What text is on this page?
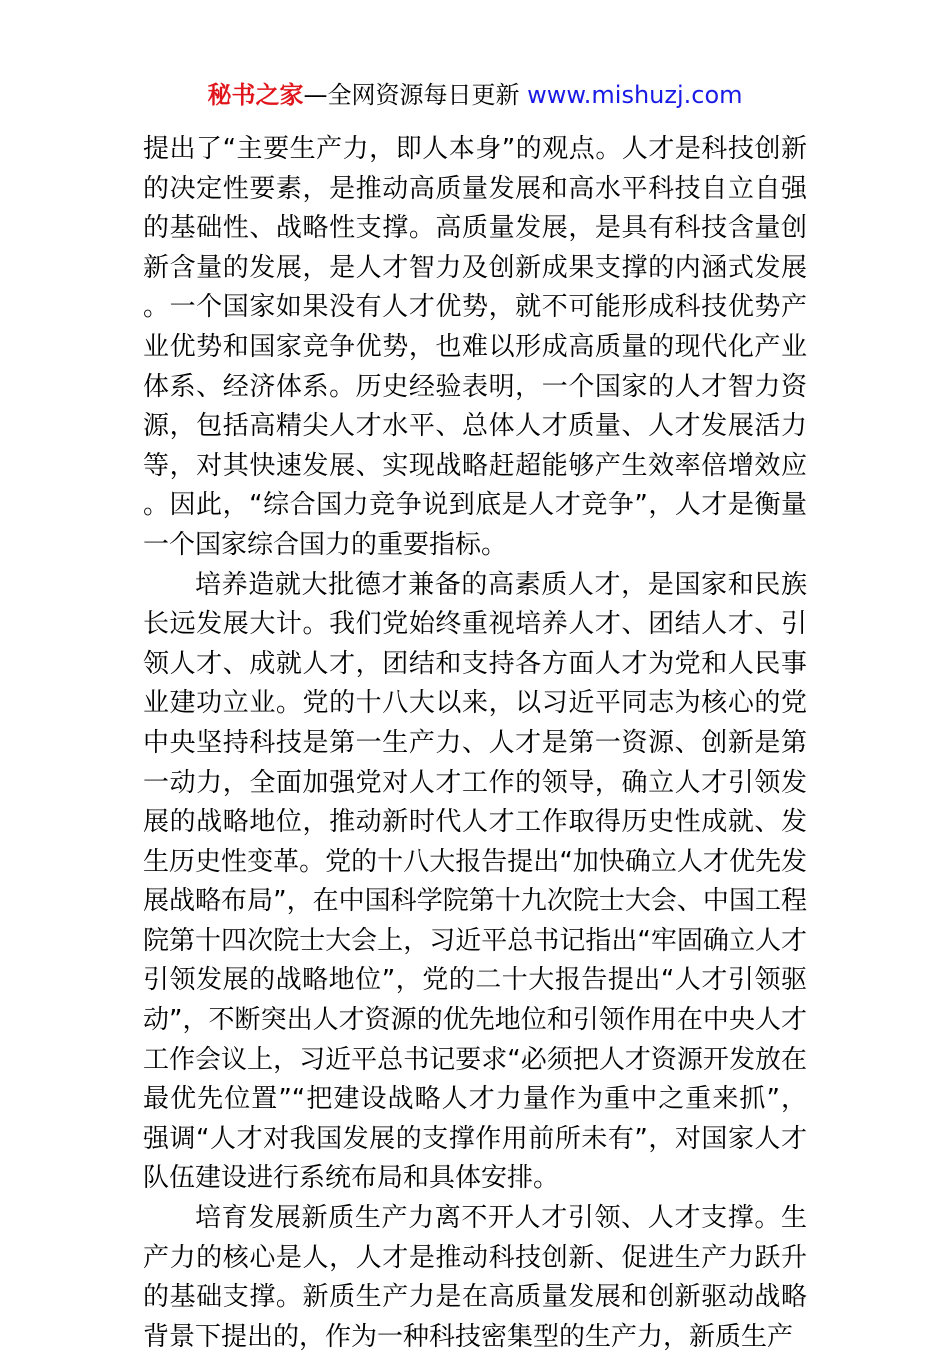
秘书之家—全网资源每日更新 www.mishuzj.com

提出了“主要生产力，即人本身”的观点。人才是科技创新的决定性要素，是推动高质量发展和高水平科技自立自强的基础性、战略性支撑。高质量发展，是具有科技含量创新含量的发展，是人才智力及创新成果支撑的内涵式发展。一个国家如果没有人才优势，就不可能形成科技优势产业优势和国家竞争优势，也难以形成高质量的现代化产业体系、经济体系。历史经验表明，一个国家的人才智力资源，包括高精尖人才水平、总体人才质量、人才发展活力等，对其快速发展、实现战略赶超能够产生效率倍增效应。因此，“综合国力竞争说到底是人才竞争”，人才是衡量一个国家综合国力的重要指标。

培养造就大批德才兼备的高素质人才，是国家和民族长远发展大计。我们党始终重视培养人才、团结人才、引领人才、成就人才，团结和支持各方面人才为党和人民事业建功立业。党的十八大以来，以习近平同志为核心的党中央坚持科技是第一生产力、人才是第一资源、创新是第一动力，全面加强党对人才工作的领导，确立人才引领发展的战略地位，推动新时代人才工作取得历史性成就、发生历史性变革。党的十八大报告提出“加快确立人才优先发展战略布局”，在中国科学院第十九次院士大会、中国工程院第十四次院士大会上，习近平总书记指出“牢固确立人才引领发展的战略地位”，党的二十大报告提出“人才引领驱动”，不断突出人才资源的优先地位和引领作用在中央人才工作会议上，习近平总书记要求“必须把人才资源开发放在最优先位置”“把建设战略人才力量作为重中之重来抓”，强调“人才对我国发展的支撑作用前所未有”，对国家人才队伍建设进行系统布局和具体安排。

培育发展新质生产力离不开人才引领、人才支撑。生产力的核心是人，人才是推动科技创新、促进生产力跃升的基础支撑。新质生产力是在高质量发展和创新驱动战略背景下提出的，作为一种科技密集型的生产力，新质生产
